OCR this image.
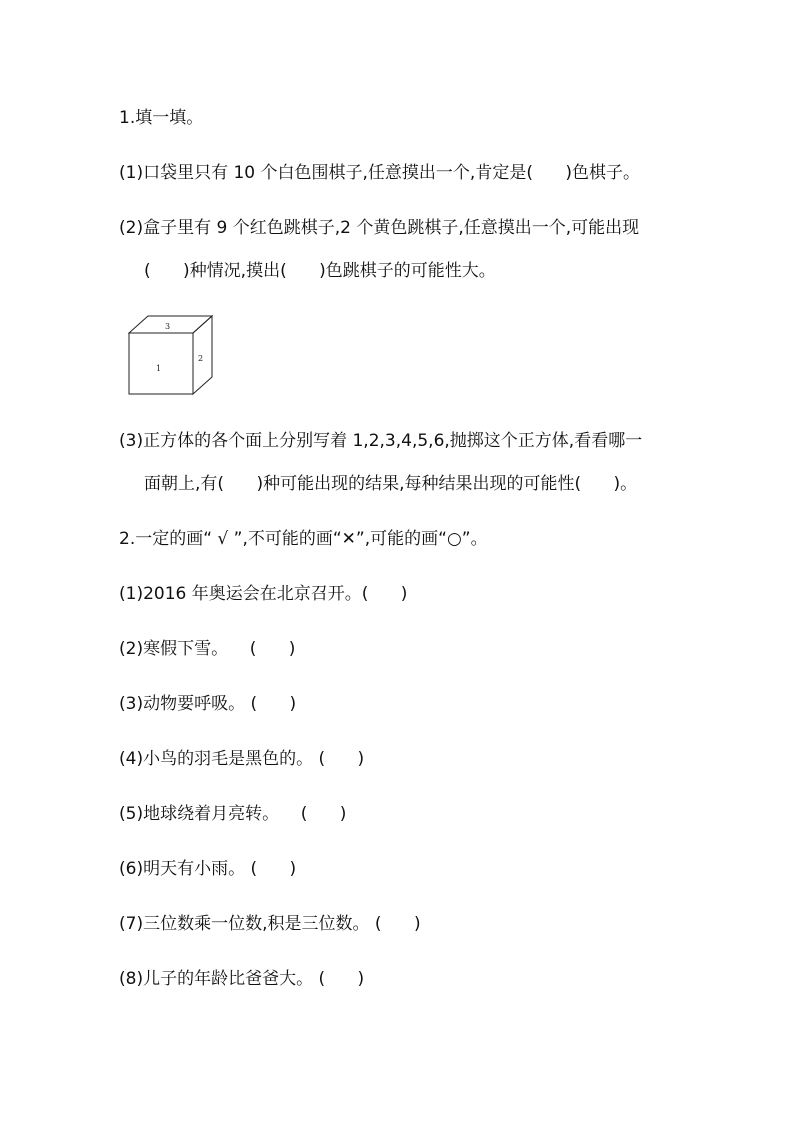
1.填一填。
(1)口袋里只有 10 个白色围棋子,任意摸出一个,肯定是(      )色棋子。
(2)盒子里有 9 个红色跳棋子,2 个黄色跳棋子,任意摸出一个,可能出现
(      )种情况,摸出(      )色跳棋子的可能性大。
3
1
2
(3)正方体的各个面上分别写着 1,2,3,4,5,6,抛掷这个正方体,看看哪一
面朝上,有(      )种可能出现的结果,每种结果出现的可能性(      )。
2.一定的画“ √ ”,不可能的画“✕”,可能的画“○”。
(1)2016 年奥运会在北京召开。(      )
(2)寒假下雪。    (      )
(3)动物要呼吸。 (      )
(4)小鸟的羽毛是黑色的。 (      )
(5)地球绕着月亮转。    (      )
(6)明天有小雨。 (      )
(7)三位数乘一位数,积是三位数。 (      )
(8)儿子的年龄比爸爸大。 (      )
